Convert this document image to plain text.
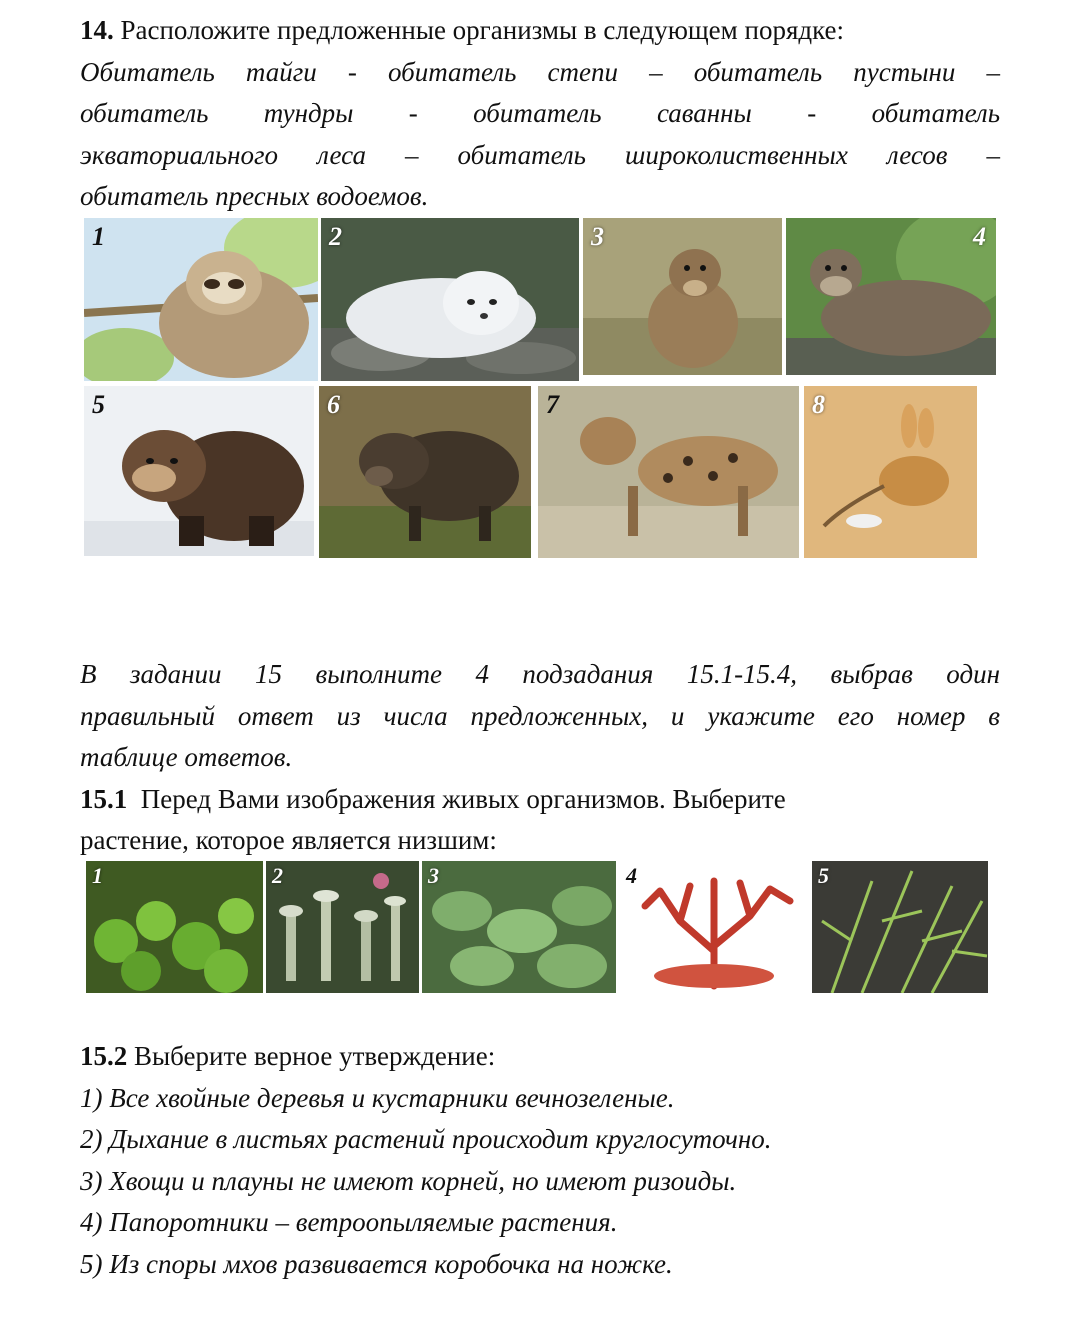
14. Расположите предложенные организмы в следующем порядке:
Обитатель тайги - обитатель степи – обитатель пустыни –
обитатель тундры - обитатель саванны - обитатель
экваториального леса – обитатель широколиственных лесов –
обитатель пресных водоемов.
1	2	3	4
5	6	7	8
В задании 15 выполните 4 подзадания 15.1-15.4, выбрав один
правильный ответ из числа предложенных, и укажите его номер в
таблице ответов.
15.1  Перед Вами изображения живых организмов. Выберите
растение, которое является низшим:
1	2	3	4	5
15.2 Выберите верное утверждение:
1) Все хвойные деревья и кустарники вечнозеленые.
2) Дыхание в листьях растений происходит круглосуточно.
3) Хвощи и плауны не имеют корней, но имеют ризоиды.
4) Папоротники – ветроопыляемые растения.
5) Из споры мхов развивается коробочка на ножке.
